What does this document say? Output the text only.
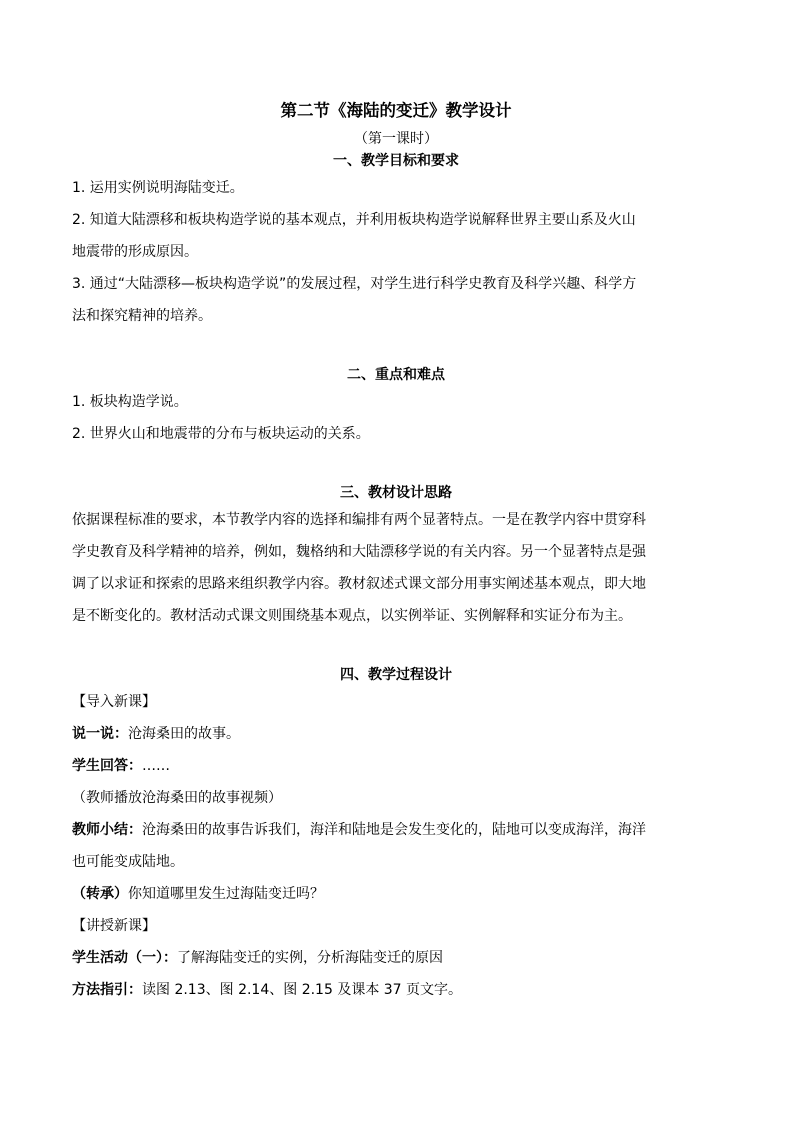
第二节《海陆的变迁》教学设计

（第一课时）

一、教学目标和要求

1. 运用实例说明海陆变迁。

2. 知道大陆漂移和板块构造学说的基本观点，并利用板块构造学说解释世界主要山系及火山

地震带的形成原因。

3. 通过“大陆漂移—板块构造学说”的发展过程，对学生进行科学史教育及科学兴趣、科学方

法和探究精神的培养。

二、重点和难点

1. 板块构造学说。

2. 世界火山和地震带的分布与板块运动的关系。

三、教材设计思路

依据课程标准的要求，本节教学内容的选择和编排有两个显著特点。一是在教学内容中贯穿科

学史教育及科学精神的培养，例如，魏格纳和大陆漂移学说的有关内容。另一个显著特点是强

调了以求证和探索的思路来组织教学内容。教材叙述式课文部分用事实阐述基本观点，即大地

是不断变化的。教材活动式课文则围绕基本观点，以实例举证、实例解释和实证分布为主。

四、教学过程设计

【导入新课】

说一说：沧海桑田的故事。

学生回答：……

（教师播放沧海桑田的故事视频）

教师小结：沧海桑田的故事告诉我们，海洋和陆地是会发生变化的，陆地可以变成海洋，海洋

也可能变成陆地。

（转承）你知道哪里发生过海陆变迁吗？

【讲授新课】

学生活动（一）：了解海陆变迁的实例，分析海陆变迁的原因

方法指引：读图 2.13、图 2.14、图 2.15 及课本 37 页文字。
